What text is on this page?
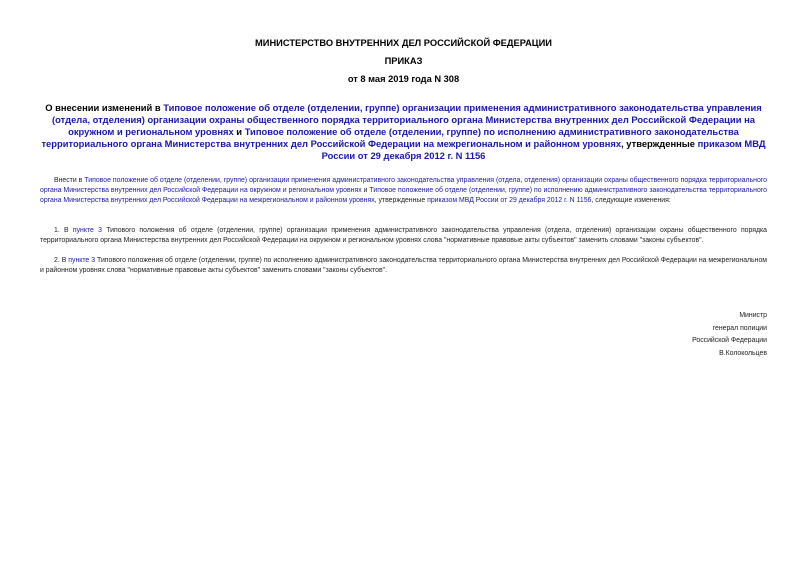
МИНИСТЕРСТВО ВНУТРЕННИХ ДЕЛ РОССИЙСКОЙ ФЕДЕРАЦИИ
ПРИКАЗ
от 8 мая 2019 года N 308
О внесении изменений в Типовое положение об отделе (отделении, группе) организации применения административного законодательства управления (отдела, отделения) организации охраны общественного порядка территориального органа Министерства внутренних дел Российской Федерации на окружном и региональном уровнях и Типовое положение об отделе (отделении, группе) по исполнению административного законодательства территориального органа Министерства внутренних дел Российской Федерации на межрегиональном и районном уровнях, утвержденные приказом МВД России от 29 декабря 2012 г. N 1156
Внести в Типовое положение об отделе (отделении, группе) организации применения административного законодательства управления (отдела, отделения) организации охраны общественного порядка территориального органа Министерства внутренних дел Российской Федерации на окружном и региональном уровнях и Типовое положение об отделе (отделении, группе) по исполнению административного законодательства территориального органа Министерства внутренних дел Российской Федерации на межрегиональном и районном уровнях, утвержденные приказом МВД России от 29 декабря 2012 г. N 1156, следующие изменения:
1. В пункте 3 Типового положения об отделе (отделении, группе) организации применения административного законодательства управления (отдела, отделения) организации охраны общественного порядка территориального органа Министерства внутренних дел Российской Федерации на окружном и региональном уровнях слова "нормативные правовые акты субъектов" заменить словами "законы субъектов".
2. В пункте 3 Типового положения об отделе (отделении, группе) по исполнению административного законодательства территориального органа Министерства внутренних дел Российской Федерации на межрегиональном и районном уровнях слова "нормативные правовые акты субъектов" заменить словами "законы субъектов".
Министр
генерал полиции
Российской Федерации
В.Колокольцев
